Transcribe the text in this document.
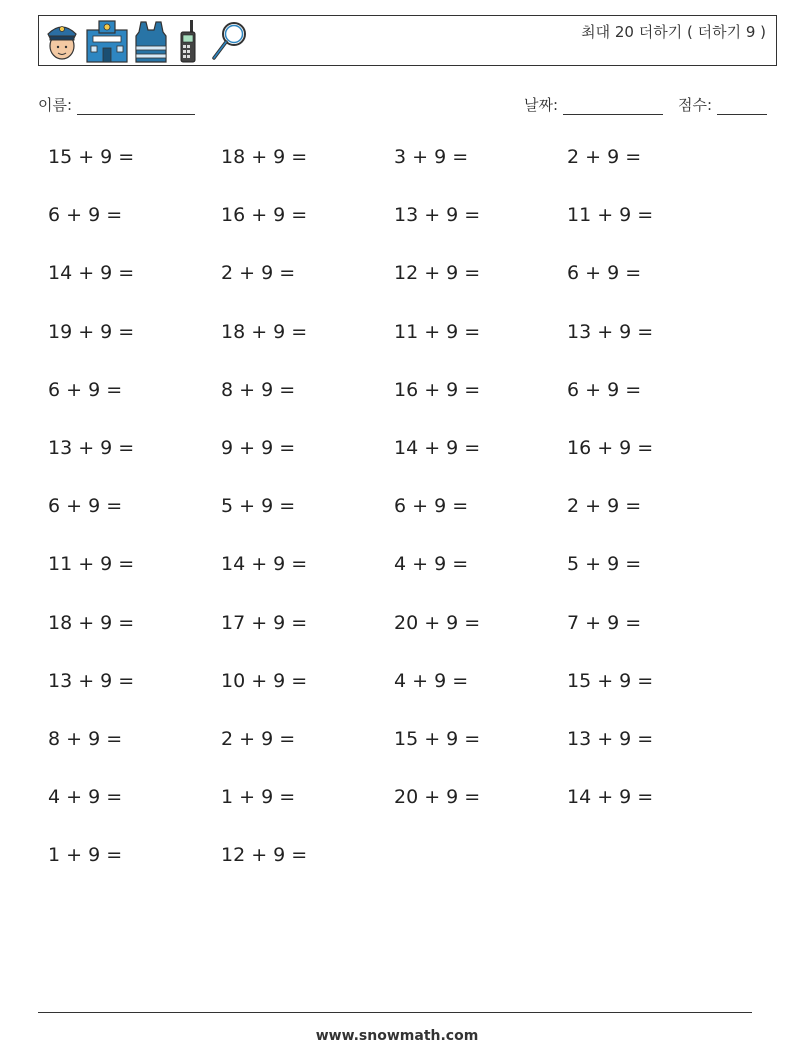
최대 20 더하기 ( 더하기 9 )
이름:	날짜:	점수:
15 + 9 =	18 + 9 =	3 + 9 =	2 + 9 =
6 + 9 =	16 + 9 =	13 + 9 =	11 + 9 =
14 + 9 =	2 + 9 =	12 + 9 =	6 + 9 =
19 + 9 =	18 + 9 =	11 + 9 =	13 + 9 =
6 + 9 =	8 + 9 =	16 + 9 =	6 + 9 =
13 + 9 =	9 + 9 =	14 + 9 =	16 + 9 =
6 + 9 =	5 + 9 =	6 + 9 =	2 + 9 =
11 + 9 =	14 + 9 =	4 + 9 =	5 + 9 =
18 + 9 =	17 + 9 =	20 + 9 =	7 + 9 =
13 + 9 =	10 + 9 =	4 + 9 =	15 + 9 =
8 + 9 =	2 + 9 =	15 + 9 =	13 + 9 =
4 + 9 =	1 + 9 =	20 + 9 =	14 + 9 =
1 + 9 =	12 + 9 =
www.snowmath.com
